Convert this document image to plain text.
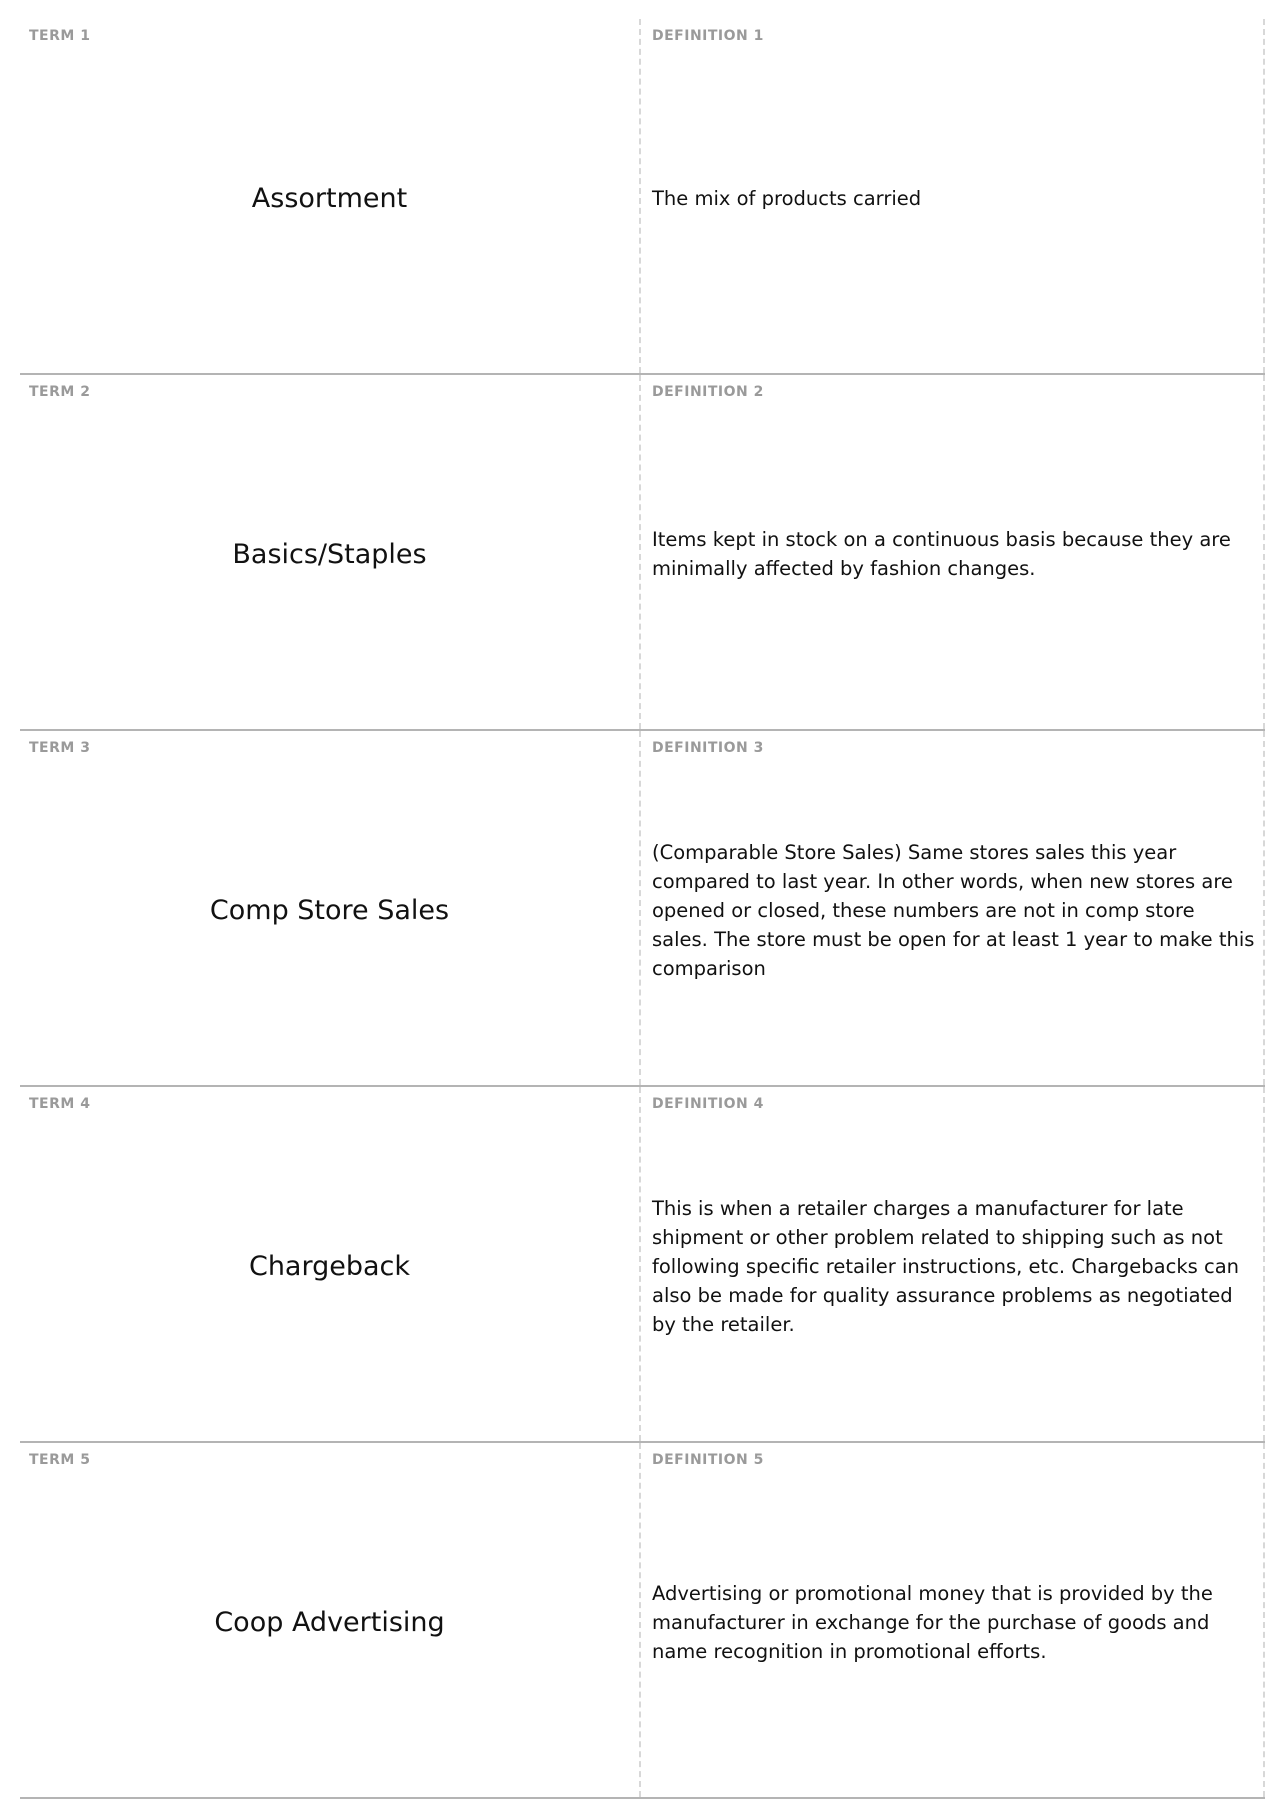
TERM 1
Assortment
DEFINITION 1
The mix of products carried
TERM 2
Basics/Staples
DEFINITION 2
Items kept in stock on a continuous basis because they are minimally affected by fashion changes.
TERM 3
Comp Store Sales
DEFINITION 3
(Comparable Store Sales) Same stores sales this year compared to last year. In other words, when new stores are opened or closed, these numbers are not in comp store sales. The store must be open for at least 1 year to make this comparison
TERM 4
Chargeback
DEFINITION 4
This is when a retailer charges a manufacturer for late shipment or other problem related to shipping such as not following specific retailer instructions, etc. Chargebacks can also be made for quality assurance problems as negotiated by the retailer.
TERM 5
Coop Advertising
DEFINITION 5
Advertising or promotional money that is provided by the manufacturer in exchange for the purchase of goods and name recognition in promotional efforts.
